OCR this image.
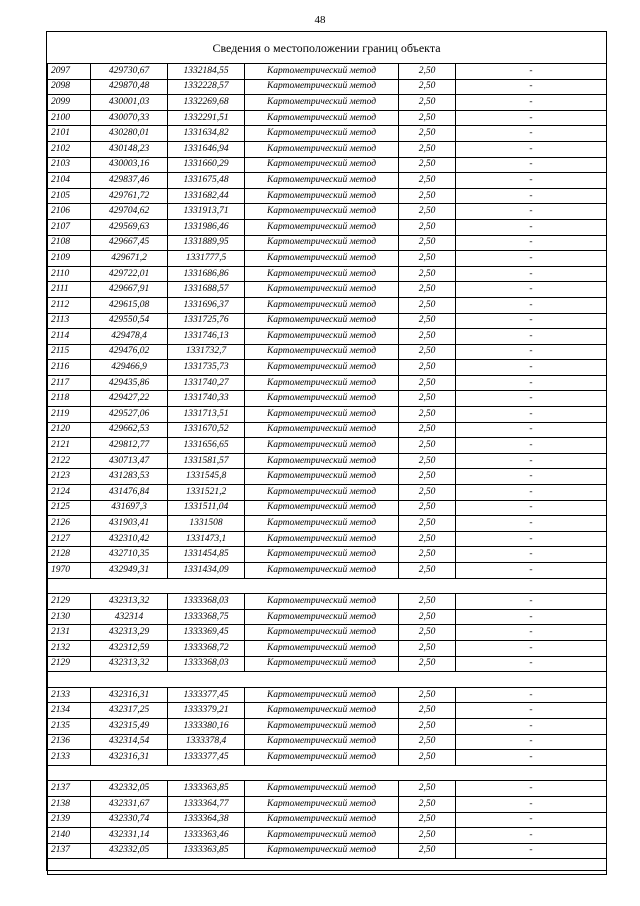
48
Сведения о местоположении границ объекта
2097	429730,67	1332184,55	Картометрический метод	2,50	-
2098	429870,48	1332228,57	Картометрический метод	2,50	-
2099	430001,03	1332269,68	Картометрический метод	2,50	-
2100	430070,33	1332291,51	Картометрический метод	2,50	-
2101	430280,01	1331634,82	Картометрический метод	2,50	-
2102	430148,23	1331646,94	Картометрический метод	2,50	-
2103	430003,16	1331660,29	Картометрический метод	2,50	-
2104	429837,46	1331675,48	Картометрический метод	2,50	-
2105	429761,72	1331682,44	Картометрический метод	2,50	-
2106	429704,62	1331913,71	Картометрический метод	2,50	-
2107	429569,63	1331986,46	Картометрический метод	2,50	-
2108	429667,45	1331889,95	Картометрический метод	2,50	-
2109	429671,2	1331777,5	Картометрический метод	2,50	-
2110	429722,01	1331686,86	Картометрический метод	2,50	-
2111	429667,91	1331688,57	Картометрический метод	2,50	-
2112	429615,08	1331696,37	Картометрический метод	2,50	-
2113	429550,54	1331725,76	Картометрический метод	2,50	-
2114	429478,4	1331746,13	Картометрический метод	2,50	-
2115	429476,02	1331732,7	Картометрический метод	2,50	-
2116	429466,9	1331735,73	Картометрический метод	2,50	-
2117	429435,86	1331740,27	Картометрический метод	2,50	-
2118	429427,22	1331740,33	Картометрический метод	2,50	-
2119	429527,06	1331713,51	Картометрический метод	2,50	-
2120	429662,53	1331670,52	Картометрический метод	2,50	-
2121	429812,77	1331656,65	Картометрический метод	2,50	-
2122	430713,47	1331581,57	Картометрический метод	2,50	-
2123	431283,53	1331545,8	Картометрический метод	2,50	-
2124	431476,84	1331521,2	Картометрический метод	2,50	-
2125	431697,3	1331511,04	Картометрический метод	2,50	-
2126	431903,41	1331508	Картометрический метод	2,50	-
2127	432310,42	1331473,1	Картометрический метод	2,50	-
2128	432710,35	1331454,85	Картометрический метод	2,50	-
1970	432949,31	1331434,09	Картометрический метод	2,50	-

2129	432313,32	1333368,03	Картометрический метод	2,50	-
2130	432314	1333368,75	Картометрический метод	2,50	-
2131	432313,29	1333369,45	Картометрический метод	2,50	-
2132	432312,59	1333368,72	Картометрический метод	2,50	-
2129	432313,32	1333368,03	Картометрический метод	2,50	-

2133	432316,31	1333377,45	Картометрический метод	2,50	-
2134	432317,25	1333379,21	Картометрический метод	2,50	-
2135	432315,49	1333380,16	Картометрический метод	2,50	-
2136	432314,54	1333378,4	Картометрический метод	2,50	-
2133	432316,31	1333377,45	Картометрический метод	2,50	-

2137	432332,05	1333363,85	Картометрический метод	2,50	-
2138	432331,67	1333364,77	Картометрический метод	2,50	-
2139	432330,74	1333364,38	Картометрический метод	2,50	-
2140	432331,14	1333363,46	Картометрический метод	2,50	-
2137	432332,05	1333363,85	Картометрический метод	2,50	-
